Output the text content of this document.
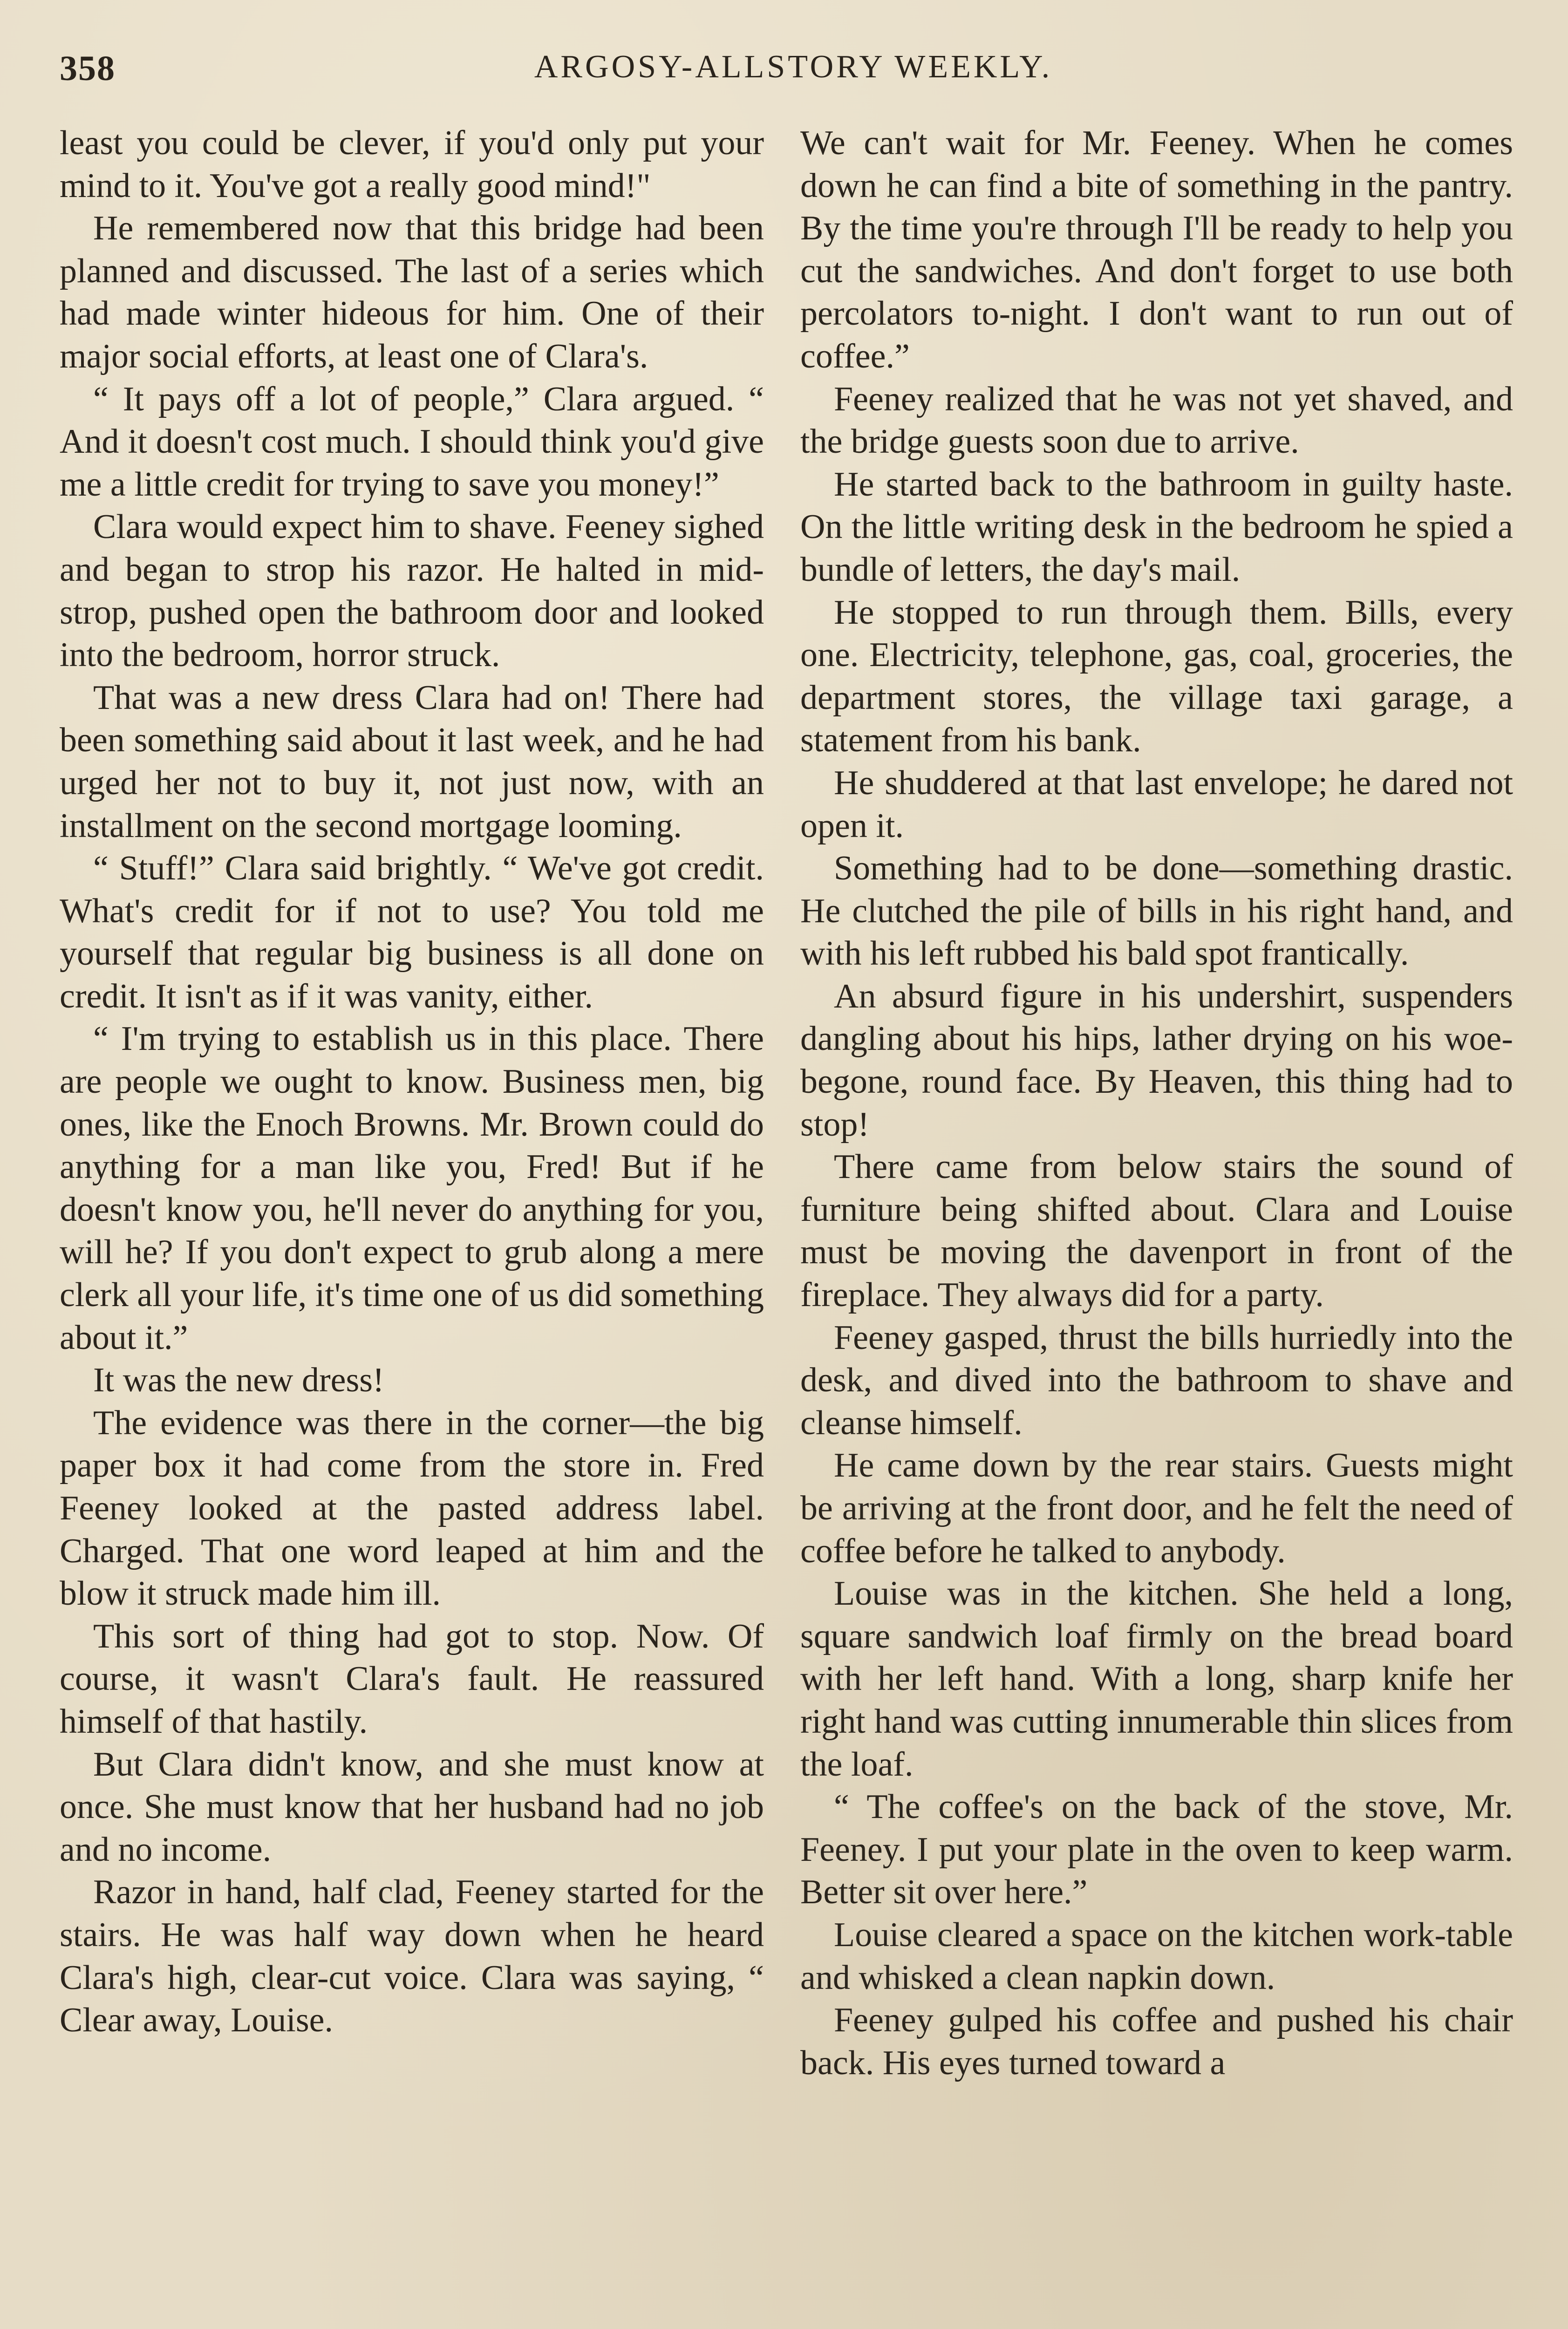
358	ARGOSY-ALLSTORY WEEKLY.

least you could be clever, if you'd only put your mind to it. You've got a really good mind!"

He remembered now that this bridge had been planned and discussed. The last of a series which had made winter hideous for him. One of their major social efforts, at least one of Clara's.

“ It pays off a lot of people,” Clara argued. “ And it doesn't cost much. I should think you'd give me a little credit for trying to save you money!”

Clara would expect him to shave. Feeney sighed and began to strop his razor. He halted in mid-strop, pushed open the bathroom door and looked into the bedroom, horror struck.

That was a new dress Clara had on! There had been something said about it last week, and he had urged her not to buy it, not just now, with an installment on the second mortgage looming.

“ Stuff!” Clara said brightly. “ We've got credit. What's credit for if not to use? You told me yourself that regular big business is all done on credit. It isn't as if it was vanity, either.

“ I'm trying to establish us in this place. There are people we ought to know. Business men, big ones, like the Enoch Browns. Mr. Brown could do anything for a man like you, Fred! But if he doesn't know you, he'll never do anything for you, will he? If you don't expect to grub along a mere clerk all your life, it's time one of us did something about it.”

It was the new dress!

The evidence was there in the corner—the big paper box it had come from the store in. Fred Feeney looked at the pasted address label. Charged. That one word leaped at him and the blow it struck made him ill.

This sort of thing had got to stop. Now. Of course, it wasn't Clara's fault. He reassured himself of that hastily.

But Clara didn't know, and she must know at once. She must know that her husband had no job and no income.

Razor in hand, half clad, Feeney started for the stairs. He was half way down when he heard Clara's high, clear-cut voice. Clara was saying, “ Clear away, Louise.

We can't wait for Mr. Feeney. When he comes down he can find a bite of something in the pantry. By the time you're through I'll be ready to help you cut the sandwiches. And don't forget to use both percolators to-night. I don't want to run out of coffee.”

Feeney realized that he was not yet shaved, and the bridge guests soon due to arrive.

He started back to the bathroom in guilty haste. On the little writing desk in the bedroom he spied a bundle of letters, the day's mail.

He stopped to run through them. Bills, every one. Electricity, telephone, gas, coal, groceries, the department stores, the village taxi garage, a statement from his bank.

He shuddered at that last envelope; he dared not open it.

Something had to be done—something drastic. He clutched the pile of bills in his right hand, and with his left rubbed his bald spot frantically.

An absurd figure in his undershirt, suspenders dangling about his hips, lather drying on his woe-begone, round face. By Heaven, this thing had to stop!

There came from below stairs the sound of furniture being shifted about. Clara and Louise must be moving the davenport in front of the fireplace. They always did for a party.

Feeney gasped, thrust the bills hurriedly into the desk, and dived into the bathroom to shave and cleanse himself.

He came down by the rear stairs. Guests might be arriving at the front door, and he felt the need of coffee before he talked to anybody.

Louise was in the kitchen. She held a long, square sandwich loaf firmly on the bread board with her left hand. With a long, sharp knife her right hand was cutting innumerable thin slices from the loaf.

“ The coffee's on the back of the stove, Mr. Feeney. I put your plate in the oven to keep warm. Better sit over here.”

Louise cleared a space on the kitchen work-table and whisked a clean napkin down.

Feeney gulped his coffee and pushed his chair back. His eyes turned toward a
